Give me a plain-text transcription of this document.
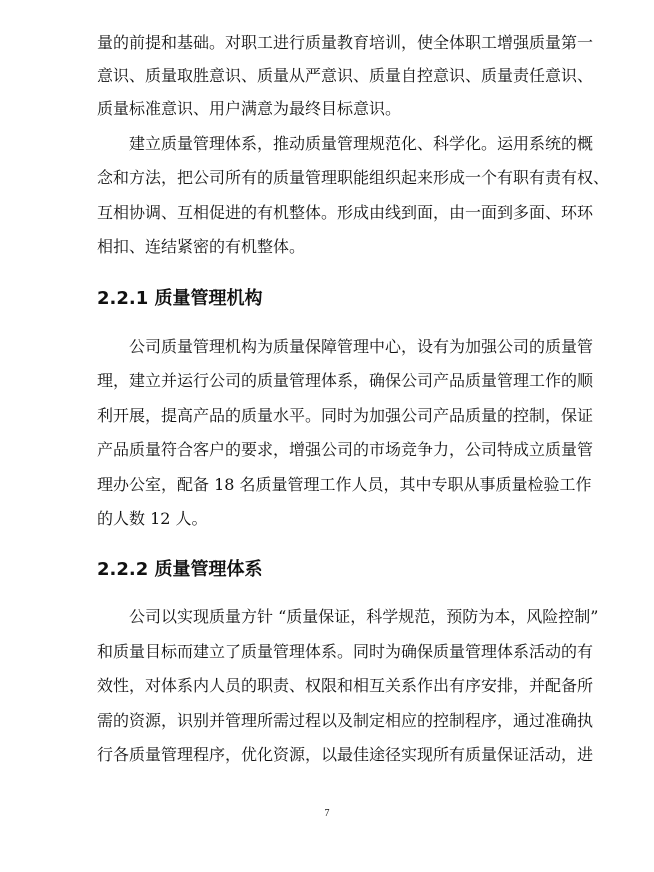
量的前提和基础。对职工进行质量教育培训，使全体职工增强质量第一
意识、质量取胜意识、质量从严意识、质量自控意识、质量责任意识、
质量标准意识、用户满意为最终目标意识。
建立质量管理体系，推动质量管理规范化、科学化。运用系统的概
念和方法，把公司所有的质量管理职能组织起来形成一个有职有责有权、
互相协调、互相促进的有机整体。形成由线到面，由一面到多面、环环
相扣、连结紧密的有机整体。
2.2.1 质量管理机构
公司质量管理机构为质量保障管理中心，设有为加强公司的质量管
理，建立并运行公司的质量管理体系，确保公司产品质量管理工作的顺
利开展，提高产品的质量水平。同时为加强公司产品质量的控制，保证
产品质量符合客户的要求，增强公司的市场竞争力，公司特成立质量管
理办公室，配备 18 名质量管理工作人员，其中专职从事质量检验工作
的人数 12 人。
2.2.2 质量管理体系
公司以实现质量方针 “质量保证，科学规范，预防为本，风险控制”
和质量目标而建立了质量管理体系。同时为确保质量管理体系活动的有
效性，对体系内人员的职责、权限和相互关系作出有序安排，并配备所
需的资源，识别并管理所需过程以及制定相应的控制程序，通过准确执
行各质量管理程序，优化资源，以最佳途径实现所有质量保证活动，进
7
